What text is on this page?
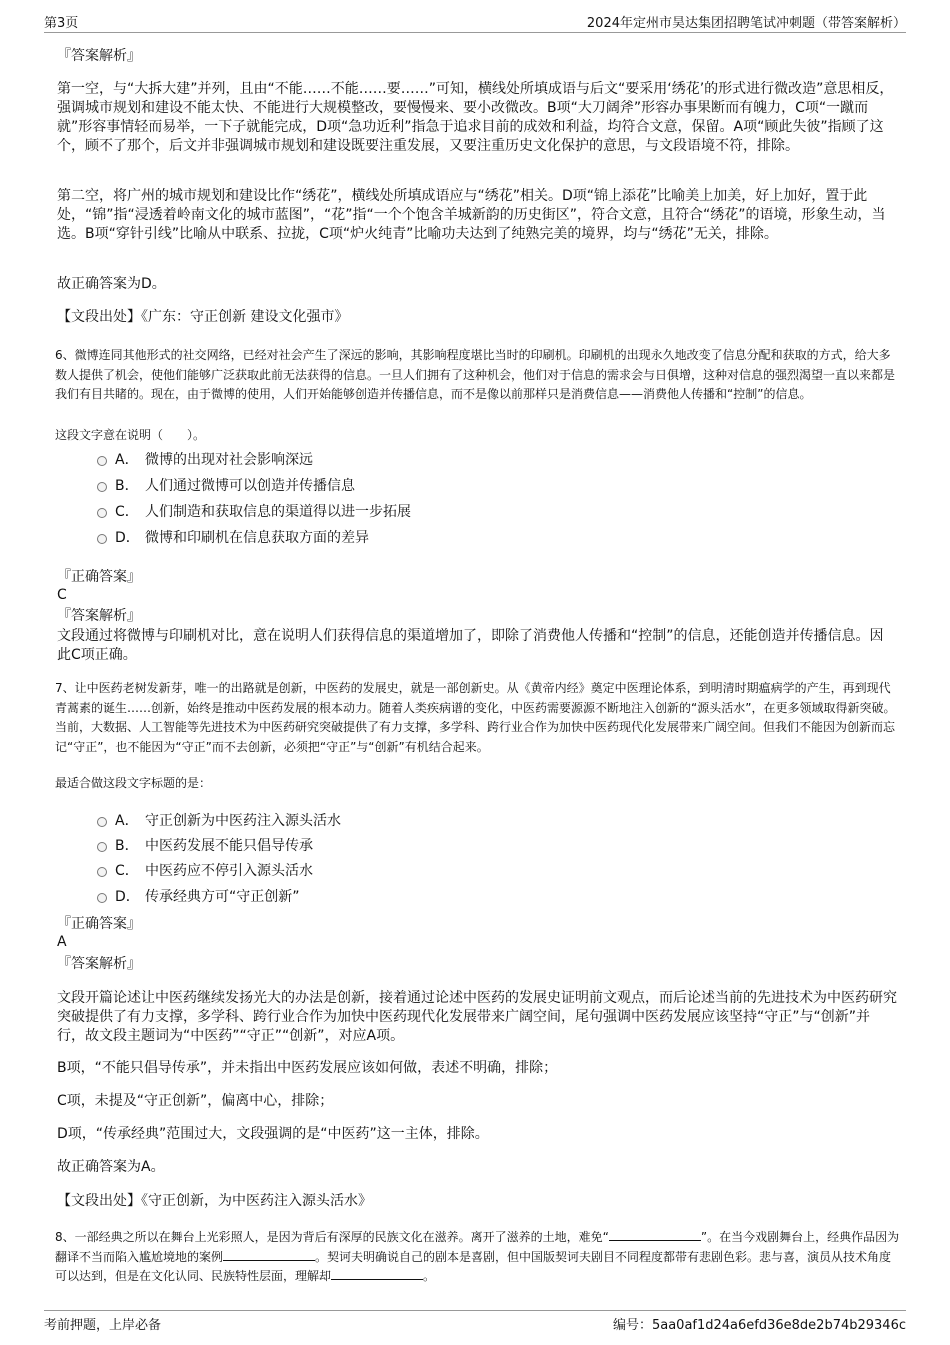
第3页	2024年定州市昊达集团招聘笔试冲刺题（带答案解析）
『答案解析』
第一空，与“大拆大建”并列，且由“不能……不能……要……”可知，横线处所填成语与后文“要采用‘绣花’的形式进行微改造”意思相反，强调城市规划和建设不能太快、不能进行大规模整改，要慢慢来、要小改微改。B项“大刀阔斧”形容办事果断而有魄力，C项“一蹴而就”形容事情轻而易举，一下子就能完成，D项“急功近利”指急于追求目前的成效和利益，均符合文意，保留。A项“顾此失彼”指顾了这个，顾不了那个，后文并非强调城市规划和建设既要注重发展，又要注重历史文化保护的意思，与文段语境不符，排除。
第二空，将广州的城市规划和建设比作“绣花”，横线处所填成语应与“绣花”相关。D项“锦上添花”比喻美上加美，好上加好，置于此处，“锦”指“浸透着岭南文化的城市蓝图”，“花”指“一个个饱含羊城新韵的历史街区”，符合文意，且符合“绣花”的语境，形象生动，当选。B项“穿针引线”比喻从中联系、拉拢，C项“炉火纯青”比喻功夫达到了纯熟完美的境界，均与“绣花”无关，排除。
故正确答案为D。
【文段出处】《广东：守正创新 建设文化强市》
6、微博连同其他形式的社交网络，已经对社会产生了深远的影响，其影响程度堪比当时的印刷机。印刷机的出现永久地改变了信息分配和获取的方式，给大多数人提供了机会，使他们能够广泛获取此前无法获得的信息。一旦人们拥有了这种机会，他们对于信息的需求会与日俱增，这种对信息的强烈渴望一直以来都是我们有目共睹的。现在，由于微博的使用，人们开始能够创造并传播信息，而不是像以前那样只是消费信息——消费他人传播和“控制”的信息。
这段文字意在说明（　　）。
A． 微博的出现对社会影响深远
B． 人们通过微博可以创造并传播信息
C． 人们制造和获取信息的渠道得以进一步拓展
D． 微博和印刷机在信息获取方面的差异
『正确答案』
C
『答案解析』
文段通过将微博与印刷机对比，意在说明人们获得信息的渠道增加了，即除了消费他人传播和“控制”的信息，还能创造并传播信息。因此C项正确。
7、让中医药老树发新芽，唯一的出路就是创新，中医药的发展史，就是一部创新史。从《黄帝内经》奠定中医理论体系，到明清时期瘟病学的产生，再到现代青蒿素的诞生……创新，始终是推动中医药发展的根本动力。随着人类疾病谱的变化，中医药需要源源不断地注入创新的“源头活水”，在更多领域取得新突破。当前，大数据、人工智能等先进技术为中医药研究突破提供了有力支撑，多学科、跨行业合作为加快中医药现代化发展带来广阔空间。但我们不能因为创新而忘记“守正”，也不能因为“守正”而不去创新，必须把“守正”与“创新”有机结合起来。
最适合做这段文字标题的是：
A． 守正创新为中医药注入源头活水
B． 中医药发展不能只倡导传承
C． 中医药应不停引入源头活水
D． 传承经典方可“守正创新”
『正确答案』
A
『答案解析』
文段开篇论述让中医药继续发扬光大的办法是创新，接着通过论述中医药的发展史证明前文观点，而后论述当前的先进技术为中医药研究突破提供了有力支撑，多学科、跨行业合作为加快中医药现代化发展带来广阔空间，尾句强调中医药发展应该坚持“守正”与“创新”并行，故文段主题词为“中医药”“守正”“创新”，对应A项。
B项，“不能只倡导传承”，并未指出中医药发展应该如何做，表述不明确，排除；
C项，未提及“守正创新”，偏离中心，排除；
D项，“传承经典”范围过大，文段强调的是“中医药”这一主体，排除。
故正确答案为A。
【文段出处】《守正创新，为中医药注入源头活水》
8、一部经典之所以在舞台上光彩照人，是因为背后有深厚的民族文化在滋养。离开了滋养的土地，难免“	”。在当今戏剧舞台上，经典作品因为翻译不当而陷入尴尬境地的案例	。契诃夫明确说自己的剧本是喜剧，但中国版契诃夫剧目不同程度都带有悲剧色彩。悲与喜，演员从技术角度可以达到，但是在文化认同、民族特性层面，理解却	。
考前押题，上岸必备	编号：5aa0af1d24a6efd36e8de2b74b29346c
